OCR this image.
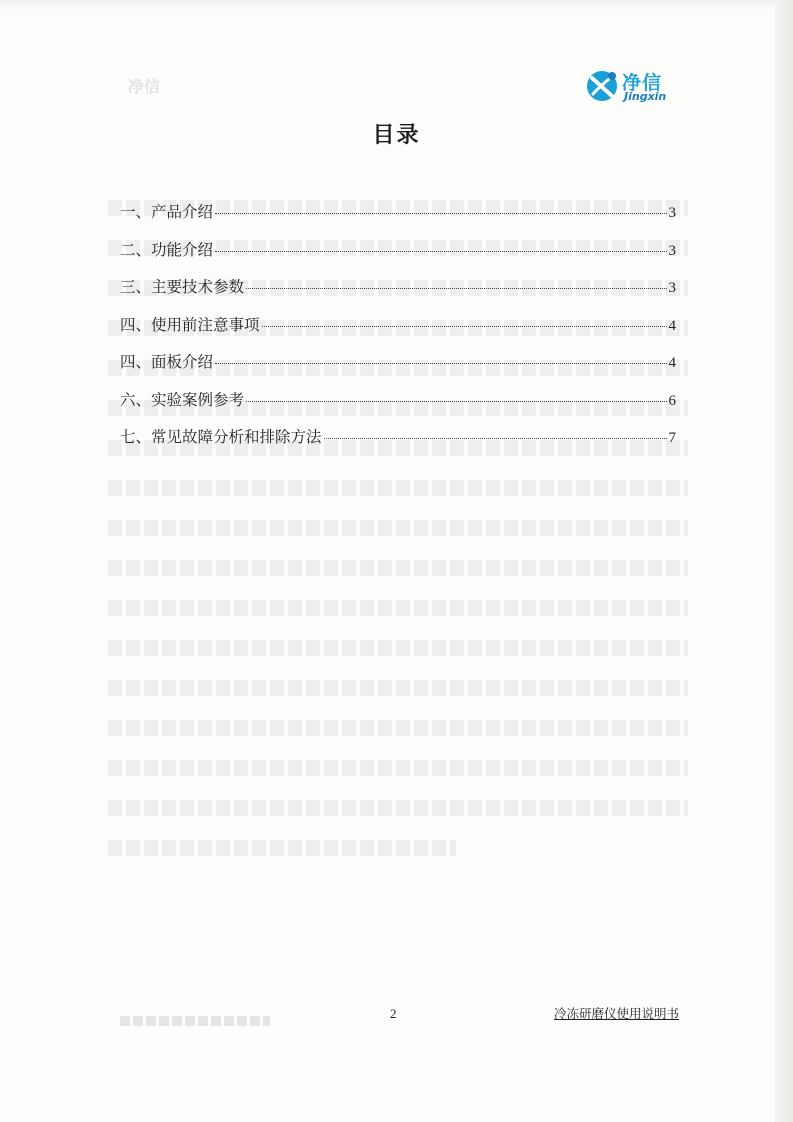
净信	净信
Jingxin
目录
一、产品介绍	3
二、功能介绍	3
三、主要技术参数	3
四、使用前注意事项	4
四、面板介绍	4
六、实验案例参考	6
七、常见故障分析和排除方法	7
2	冷冻研磨仪使用说明书
